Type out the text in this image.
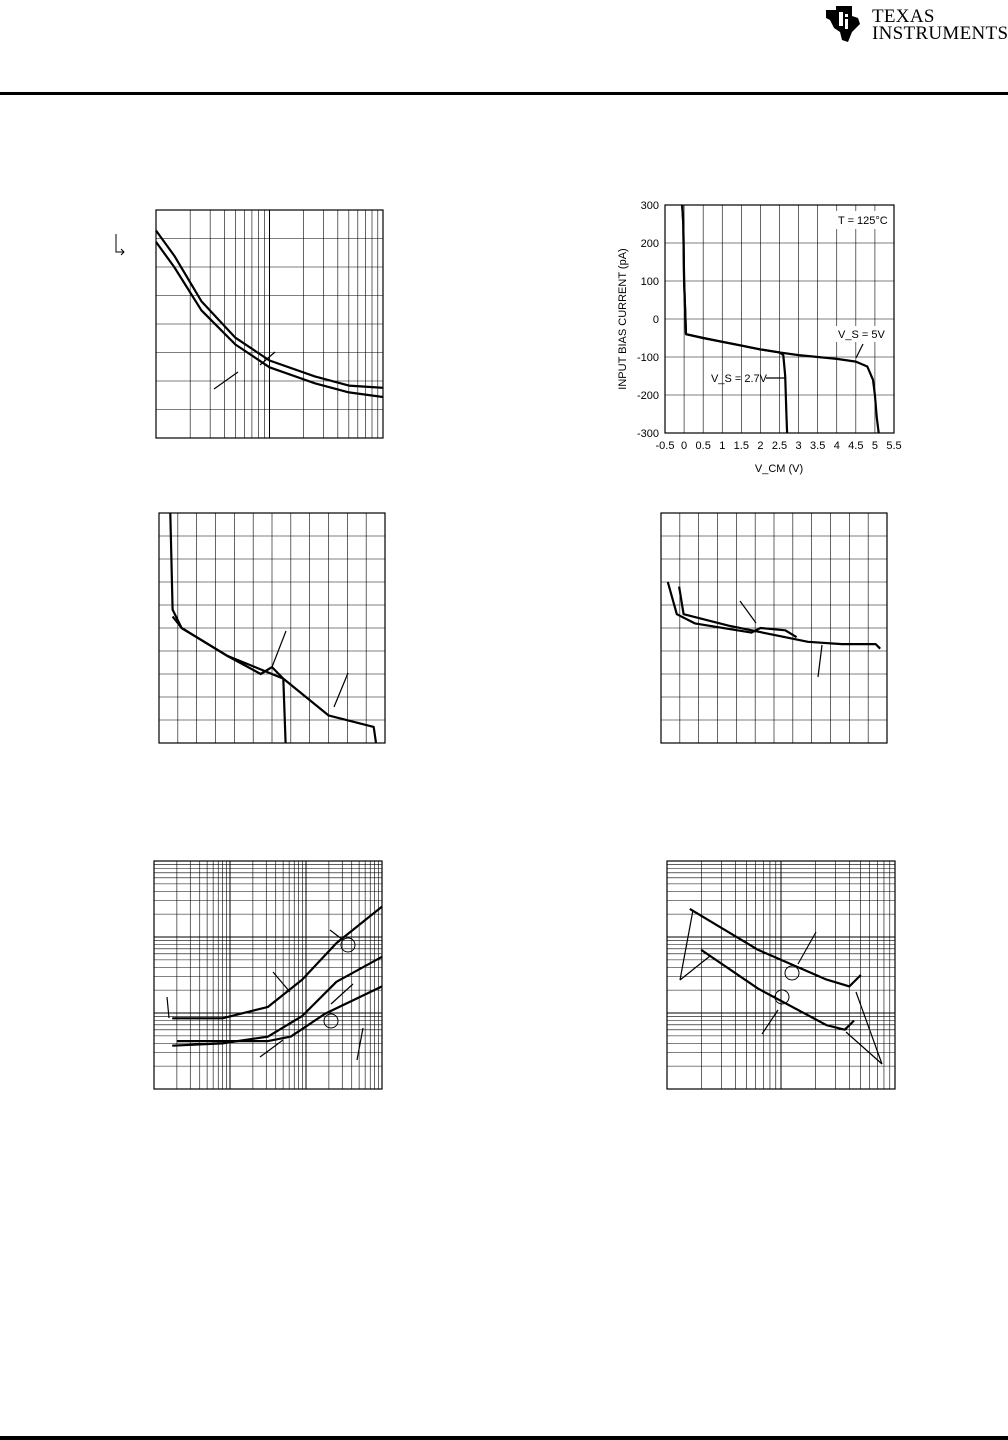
TEXAS
INSTRUMENTS
-0.5 0 0.5 1 1.5 2 2.5 3 3.5 4 4.5 5 5.5
300
200
100
0
-100
-200
-300
INPUT BIAS CURRENT (pA)
V_CM (V)
T = 125°C
V_S = 5V
V_S = 2.7V
